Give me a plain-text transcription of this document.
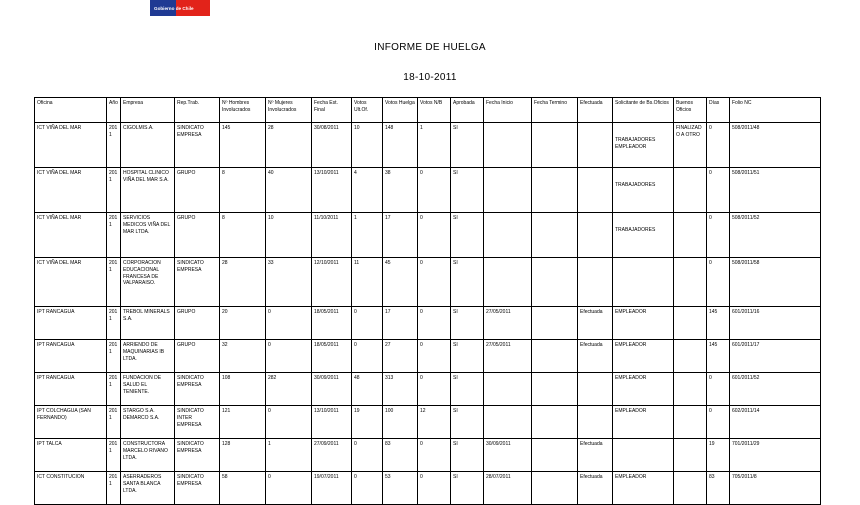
Gobierno de Chile
INFORME DE HUELGA
18-10-2011
Oficina	Año	Empresa	Rep.Trab.	Nº Hombres Involucrados	Nº Mujeres Involucrados	Fecha Est. Final	Votos Ult.Of.	Votos Huelga	Votos N/B	Aprobada	Fecha Inicio	Fecha Termino	Efectuada	Solicitante de Bs.Oficios	Buenos Oficios	Días	Folio NC
ICT VIÑA DEL MAR	2011	CIGOLMIS.A.	SINDICATO EMPRESA	145	28	30/08/2011	10	148	1	SI				TRABAJADORES EMPLEADOR	FINALIZADO A OTRO	0	508/2011/48
ICT VIÑA DEL MAR	2011	HOSPITAL CLINICO VIÑA DEL MAR S.A.	GRUPO	8	40	13/10/2011	4	38	0	SI				TRABAJADORES		0	508/2011/51
ICT VIÑA DEL MAR	2011	SERVICIOS MEDICOS VIÑA DEL MAR LTDA.	GRUPO	8	10	11/10/2011	1	17	0	SI				TRABAJADORES		0	508/2011/52
ICT VIÑA DEL MAR	2011	CORPORACION EDUCACIONAL FRANCESA DE VALPARAISO.	SINDICATO EMPRESA	28	33	12/10/2011	11	45	0	SI						0	508/2011/58
IPT RANCAGUA	2011	TREBOL MINERALS S.A.	GRUPO	20	0	18/05/2011	0	17	0	SI	27/05/2011		Efectuada	EMPLEADOR		145	601/2011/16
IPT RANCAGUA	2011	ARRIENDO DE MAQUINARIAS IB LTDA.	GRUPO	32	0	18/05/2011	0	27	0	SI	27/05/2011		Efectuada	EMPLEADOR		145	601/2011/17
IPT RANCAGUA	2011	FUNDACION DE SALUD EL TENIENTE.	SINDICATO EMPRESA	108	282	30/09/2011	48	313	0	SI				EMPLEADOR		0	601/2011/52
IPT COLCHAGUA (SAN FERNANDO)	2011	STARGO S.A. DEMARCO S.A.	SINDICATO INTER EMPRESA	121	0	13/10/2011	19	100	12	SI				EMPLEADOR		0	602/2011/14
IPT TALCA	2011	CONSTRUCTORA MARCELO RIVANO LTDA.	SINDICATO EMPRESA	128	1	27/09/2011	0	83	0	SI	30/09/2011		Efectuada			19	701/2011/29
ICT CONSTITUCION	2011	ASERRADEROS SANTA BLANCA LTDA.	SINDICATO EMPRESA	58	0	19/07/2011	0	53	0	SI	28/07/2011		Efectuada	EMPLEADOR		83	705/2011/8
